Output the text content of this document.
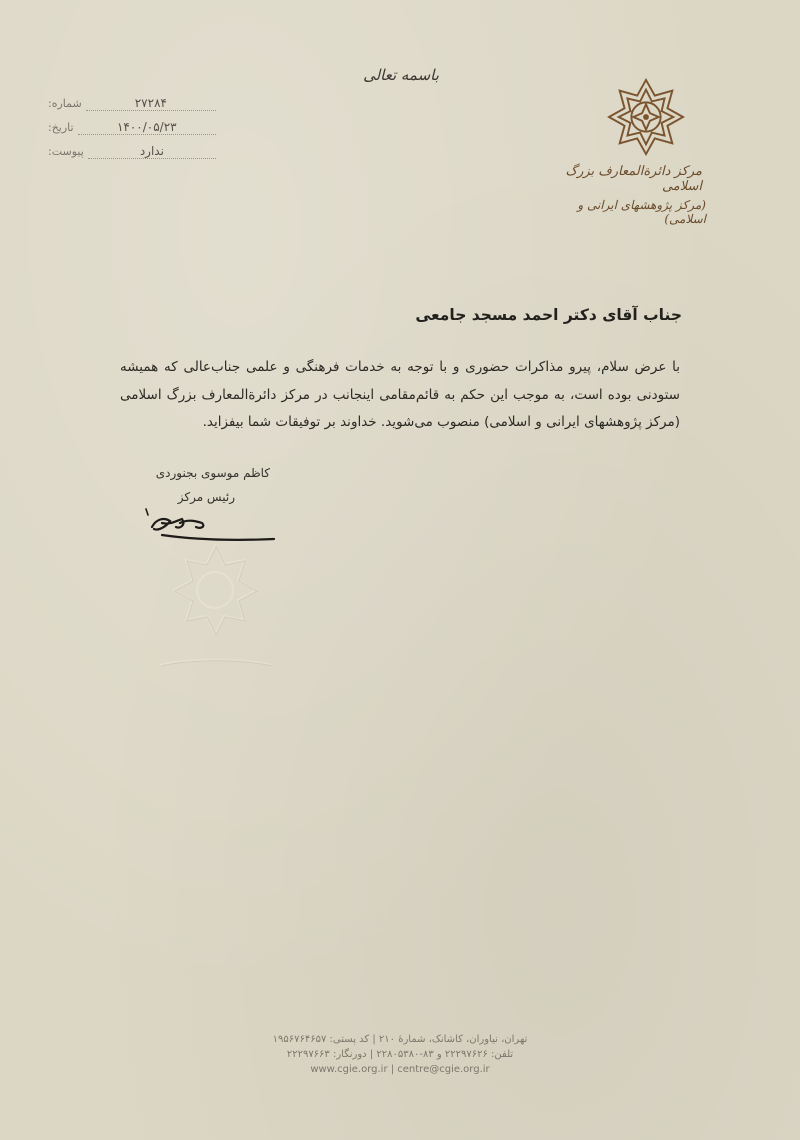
مرکز دائرةالمعارف بزرگ اسلامی
(مرکز پژوهشهای ایرانی و اسلامی)
باسمه تعالی
شماره:	۲۷۲۸۴
تاریخ:	۱۴۰۰/۰۵/۲۳
پیوست:	ندارد
جناب آقای دکتر احمد مسجد جامعی
با عرض سلام، پیرو مذاکرات حضوری و با توجه به خدمات فرهنگی و علمی جناب‌عالی که همیشه ستودنی بوده است، به موجب این حکم به قائم‌مقامی اینجانب در مرکز دائرةالمعارف بزرگ اسلامی (مرکز پژوهشهای ایرانی و اسلامی) منصوب می‌شوید. خداوند بر توفیقات شما بیفزاید.
کاظم موسوی بجنوردی
رئیس مرکز
تهران، نیاوران، کاشانک، شمارهٔ ۲۱۰ | کد پستی: ۱۹۵۶۷۶۴۶۵۷
تلفن: ۲۲۲۹۷۶۲۶ و ۸۳-۲۲۸۰۵۳۸۰ | دورنگار: ۲۲۲۹۷۶۶۳
www.cgie.org.ir | centre@cgie.org.ir
